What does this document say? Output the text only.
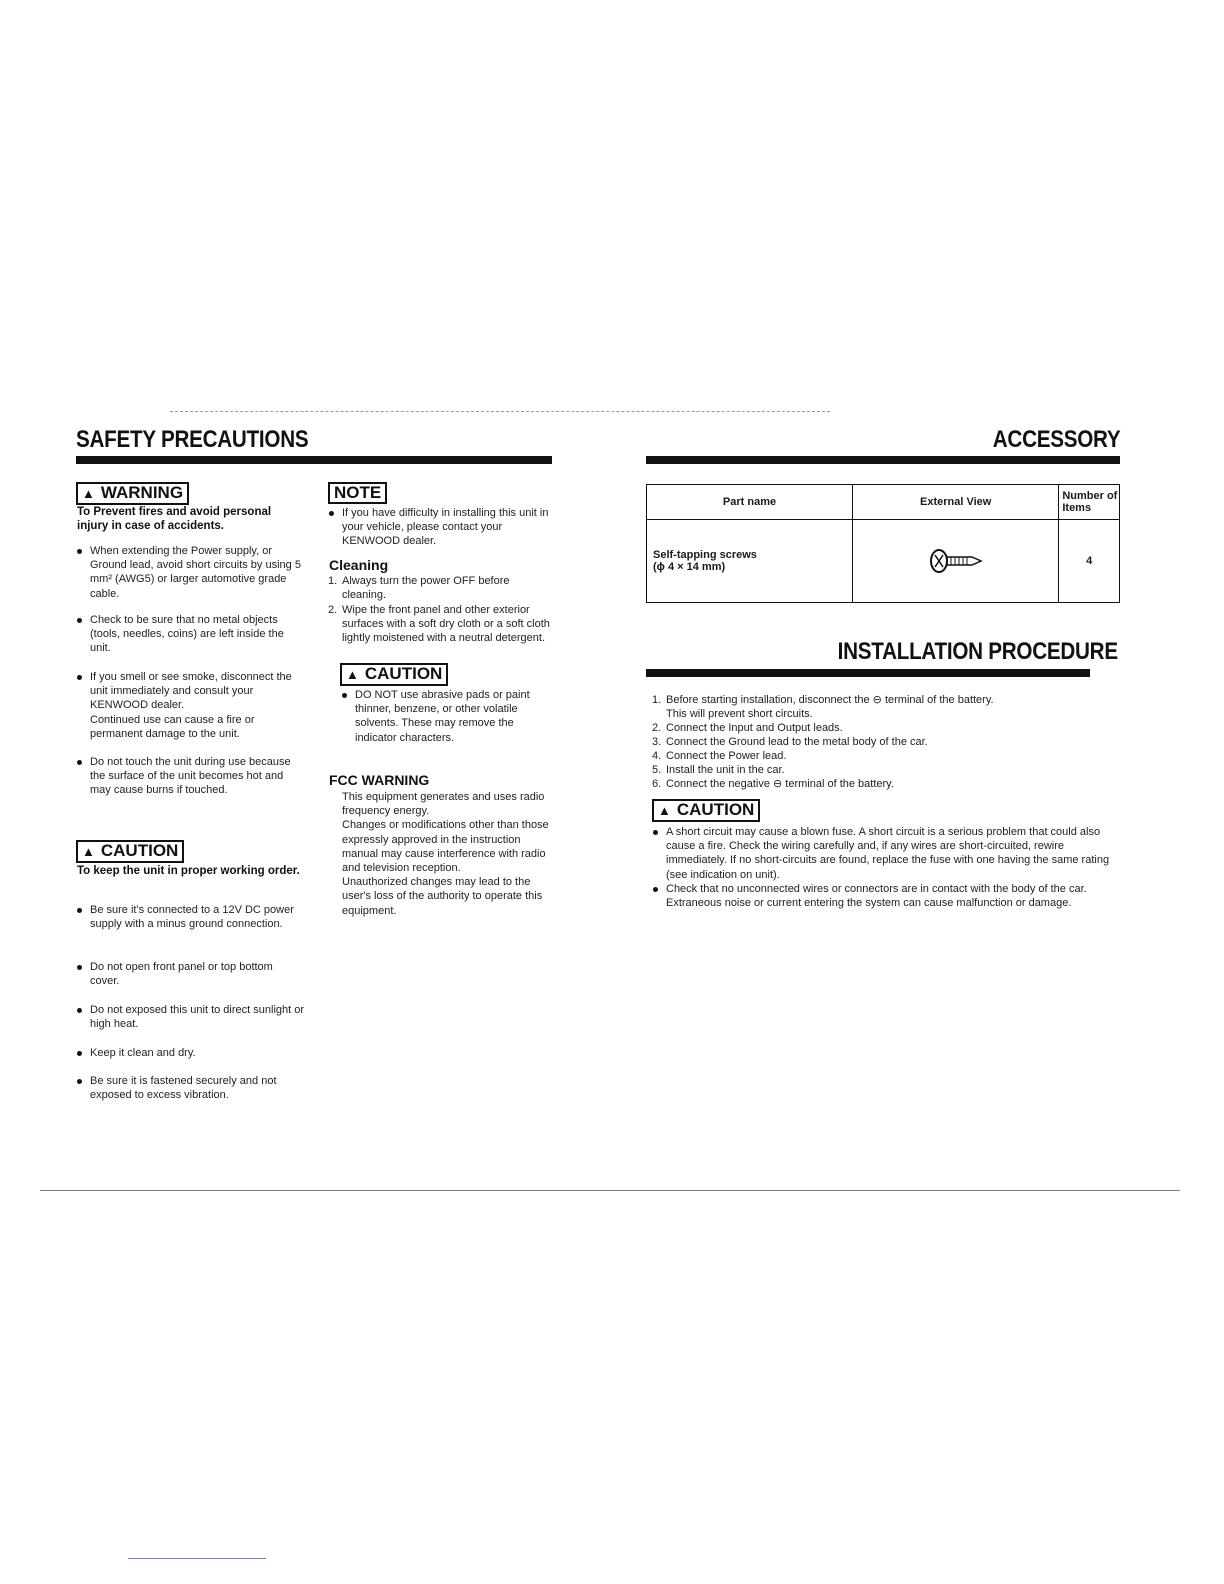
SAFETY PRECAUTIONS
▲ WARNING
To Prevent fires and avoid personal injury in case of accidents.
When extending the Power supply, or Ground lead, avoid short circuits by using 5 mm² (AWG5) or larger automotive grade cable.
Check to be sure that no metal objects (tools, needles, coins) are left inside the unit.
If you smell or see smoke, disconnect the unit immediately and consult your KENWOOD dealer.
Continued use can cause a fire or permanent damage to the unit.
Do not touch the unit during use because the surface of the unit becomes hot and may cause burns if touched.
▲ CAUTION
To keep the unit in proper working order.
Be sure it's connected to a 12V DC power supply with a minus ground connection.
Do not open front panel or top bottom cover.
Do not exposed this unit to direct sunlight or high heat.
Keep it clean and dry.
Be sure it is fastened securely and not exposed to excess vibration.
NOTE
If you have difficulty in installing this unit in your vehicle, please contact your KENWOOD dealer.
Cleaning
1. Always turn the power OFF before cleaning.
2. Wipe the front panel and other exterior surfaces with a soft dry cloth or a soft cloth lightly moistened with a neutral detergent.
▲ CAUTION
DO NOT use abrasive pads or paint thinner, benzene, or other volatile solvents. These may remove the indicator characters.
FCC WARNING
This equipment generates and uses radio frequency energy.
Changes or modifications other than those expressly approved in the instruction manual may cause interference with radio and television reception.
Unauthorized changes may lead to the user's loss of the authority to operate this equipment.
ACCESSORY
Part name	External View	Number of Items

Self-tapping screws
(ϕ 4 × 14 mm)		4
INSTALLATION PROCEDURE
1. Before starting installation, disconnect the ⊖ terminal of the battery.
This will prevent short circuits.
2. Connect the Input and Output leads.
3. Connect the Ground lead to the metal body of the car.
4. Connect the Power lead.
5. Install the unit in the car.
6. Connect the negative ⊖ terminal of the battery.
▲ CAUTION
A short circuit may cause a blown fuse. A short circuit is a serious problem that could also cause a fire. Check the wiring carefully and, if any wires are short-circuited, rewire immediately. If no short-circuits are found, replace the fuse with one having the same rating (see indication on unit).
Check that no unconnected wires or connectors are in contact with the body of the car. Extraneous noise or current entering the system can cause malfunction or damage.
